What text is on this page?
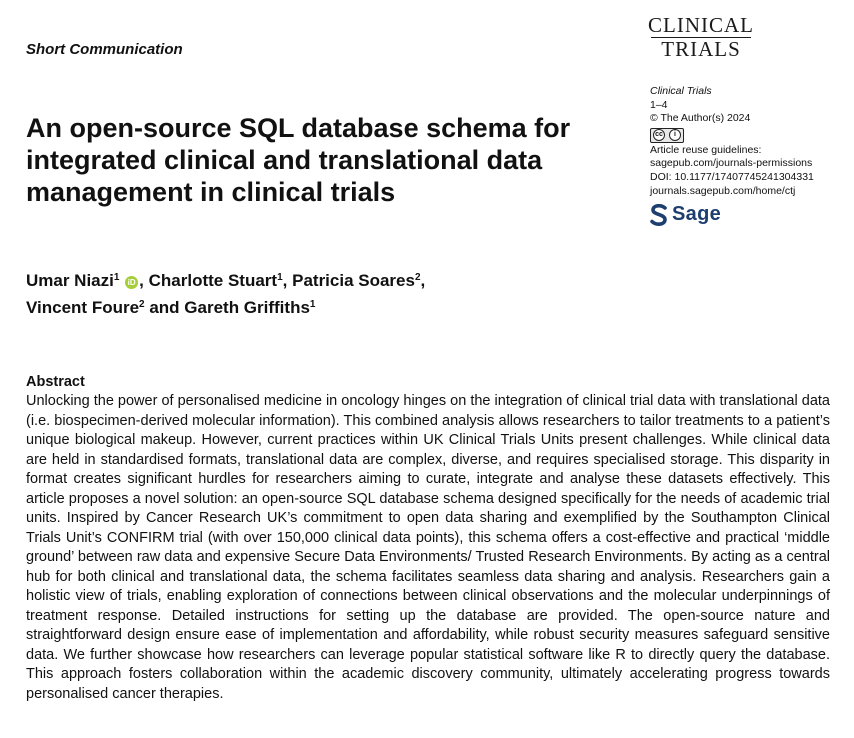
Short Communication
CLINICAL
TRIALS
An open-source SQL database schema for integrated clinical and translational data management in clinical trials
Clinical Trials
1–4
© The Author(s) 2024
cc	i
Article reuse guidelines:
sagepub.com/journals-permissions
DOI: 10.1177/17407745241304331
journals.sagepub.com/home/ctj
Sage

Umar Niazi$^1$ iD , Charlotte Stuart$^1$, Patricia Soares$^2$,
Vincent Foure$^2$ and Gareth Griffiths$^1$

Abstract

Unlocking the power of personalised medicine in oncology hinges on the integration of clinical trial data with translational data (i.e. biospecimen-derived molecular information). This combined analysis allows researchers to tailor treatments to a patient’s unique biological makeup. However, current practices within UK Clinical Trials Units present challenges. While clinical data are held in standardised formats, translational data are complex, diverse, and requires specialised storage. This disparity in format creates significant hurdles for researchers aiming to curate, integrate and analyse these datasets effectively. This article proposes a novel solution: an open-source SQL database schema designed specifically for the needs of academic trial units. Inspired by Cancer Research UK’s commitment to open data sharing and exemplified by the Southampton Clinical Trials Unit’s CONFIRM trial (with over 150,000 clinical data points), this schema offers a cost-effective and practical ‘middle ground’ between raw data and expensive Secure Data Environments/ Trusted Research Environments. By acting as a central hub for both clinical and translational data, the schema facilitates seamless data sharing and analysis. Researchers gain a holistic view of trials, enabling exploration of connections between clinical observations and the molecular underpinnings of treatment response. Detailed instructions for setting up the database are provided. The open-source nature and straightforward design ensure ease of implementation and affordability, while robust security measures safeguard sensitive data. We further showcase how researchers can leverage popular statistical software like R to directly query the database. This approach fosters collaboration within the academic discovery community, ultimately accelerating progress towards personalised cancer therapies.
